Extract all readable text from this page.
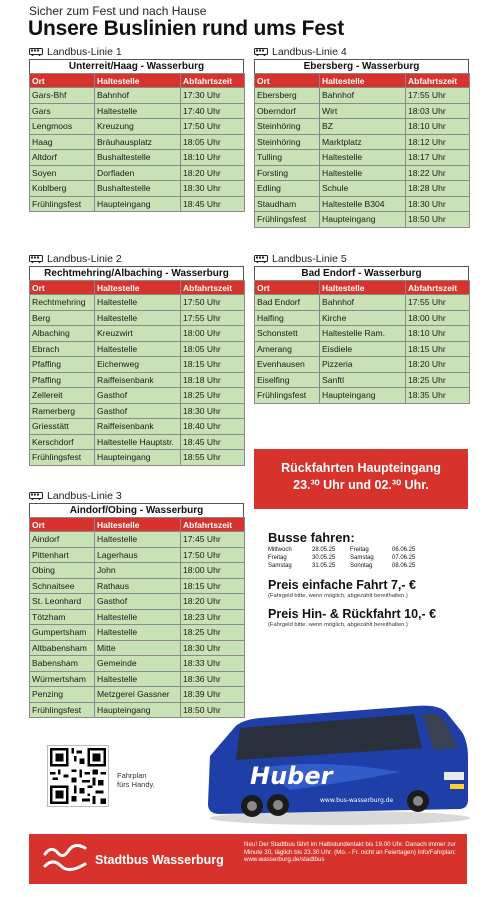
Sicher zum Fest und nach Hause
Unsere Buslinien rund ums Fest
Landbus-Linie 1
Unterreit/Haag - Wasserburg
Ort	Haltestelle	Abfahrtszeit
Gars-Bhf	Bahnhof	17:30 Uhr
Gars	Haltestelle	17:40 Uhr
Lengmoos	Kreuzung	17:50 Uhr
Haag	Bräuhausplatz	18:05 Uhr
Altdorf	Bushaltestelle	18:10 Uhr
Soyen	Dorfladen	18:20 Uhr
Koblberg	Bushaltestelle	18:30 Uhr
Frühlingsfest	Haupteingang	18:45 Uhr
Landbus-Linie 4
Ebersberg - Wasserburg
Ort	Haltestelle	Abfahrtszeit
Ebersberg	Bahnhof	17:55 Uhr
Oberndorf	Wirt	18:03 Uhr
Steinhöring	BZ	18:10 Uhr
Steinhöring	Marktplatz	18:12 Uhr
Tulling	Haltestelle	18:17 Uhr
Forsting	Haltestelle	18:22 Uhr
Edling	Schule	18:28 Uhr
Staudham	Haltestelle B304	18:30 Uhr
Frühlingsfest	Haupteingang	18:50 Uhr
Landbus-Linie 2
Rechtmehring/Albaching - Wasserburg
Ort	Haltestelle	Abfahrtszeit
Rechtmehring	Haltestelle	17:50 Uhr
Berg	Haltestelle	17:55 Uhr
Albaching	Kreuzwirt	18:00 Uhr
Ebrach	Haltestelle	18:05 Uhr
Pfaffing	Eichenweg	18:15 Uhr
Pfaffing	Raiffeisenbank	18:18 Uhr
Zellereit	Gasthof	18:25 Uhr
Ramerberg	Gasthof	18:30 Uhr
Griesstätt	Raiffeisenbank	18:40 Uhr
Kerschdorf	Haltestelle Hauptstr.	18:45 Uhr
Frühlingsfest	Haupteingang	18:55 Uhr
Landbus-Linie 5
Bad Endorf - Wasserburg
Ort	Haltestelle	Abfahrtszeit
Bad Endorf	Bahnhof	17:55 Uhr
Halfing	Kirche	18:00 Uhr
Schonstett	Haltestelle Ram.	18:10 Uhr
Amerang	Eisdiele	18:15 Uhr
Evenhausen	Pizzeria	18:20 Uhr
Eiselfing	Sanftl	18:25 Uhr
Frühlingsfest	Haupteingang	18:35 Uhr
Landbus-Linie 3
Aindorf/Obing - Wasserburg
Ort	Haltestelle	Abfahrtszeit
Aindorf	Haltestelle	17:45 Uhr
Pittenhart	Lagerhaus	17:50 Uhr
Obing	John	18:00 Uhr
Schnaitsee	Rathaus	18:15 Uhr
St. Leonhard	Gasthof	18:20 Uhr
Tötzham	Haltestelle	18:23 Uhr
Gumpertsham	Haltestelle	18:25 Uhr
Altbabensham	Mitte	18:30 Uhr
Babensham	Gemeinde	18:33 Uhr
Würmertsham	Haltestelle	18:36 Uhr
Penzing	Metzgerei Gassner	18:39 Uhr
Frühlingsfest	Haupteingang	18:50 Uhr
Rückfahrten Haupteingang
23.³⁰ Uhr und 02.³⁰ Uhr.
Busse fahren:
Mittwoch	28.05.25	Freitag	06.06.25
Freitag	30.05.25	Samstag	07.06.25
Samstag	31.05.25	Sonntag	08.06.25
Preis einfache Fahrt 7,- €
(Fahrgeld bitte, wenn möglich, abgezählt bereithalten.)
Preis Hin- & Rückfahrt 10,- €
(Fahrgeld bitte, wenn möglich, abgezählt bereithalten.)
Fahrplan
fürs Handy.	Huber
www.bus-wasserburg.de
Stadtbus Wasserburg
Neu! Der Stadtbus fährt im Halbstundentakt bis 19.00 Uhr. Danach immer zur Minute 30, täglich bis 23.30 Uhr. (Mo. - Fr. nicht an Feiertagen) Info/Fahrplan: www.wasserburg.de/stadtbus
